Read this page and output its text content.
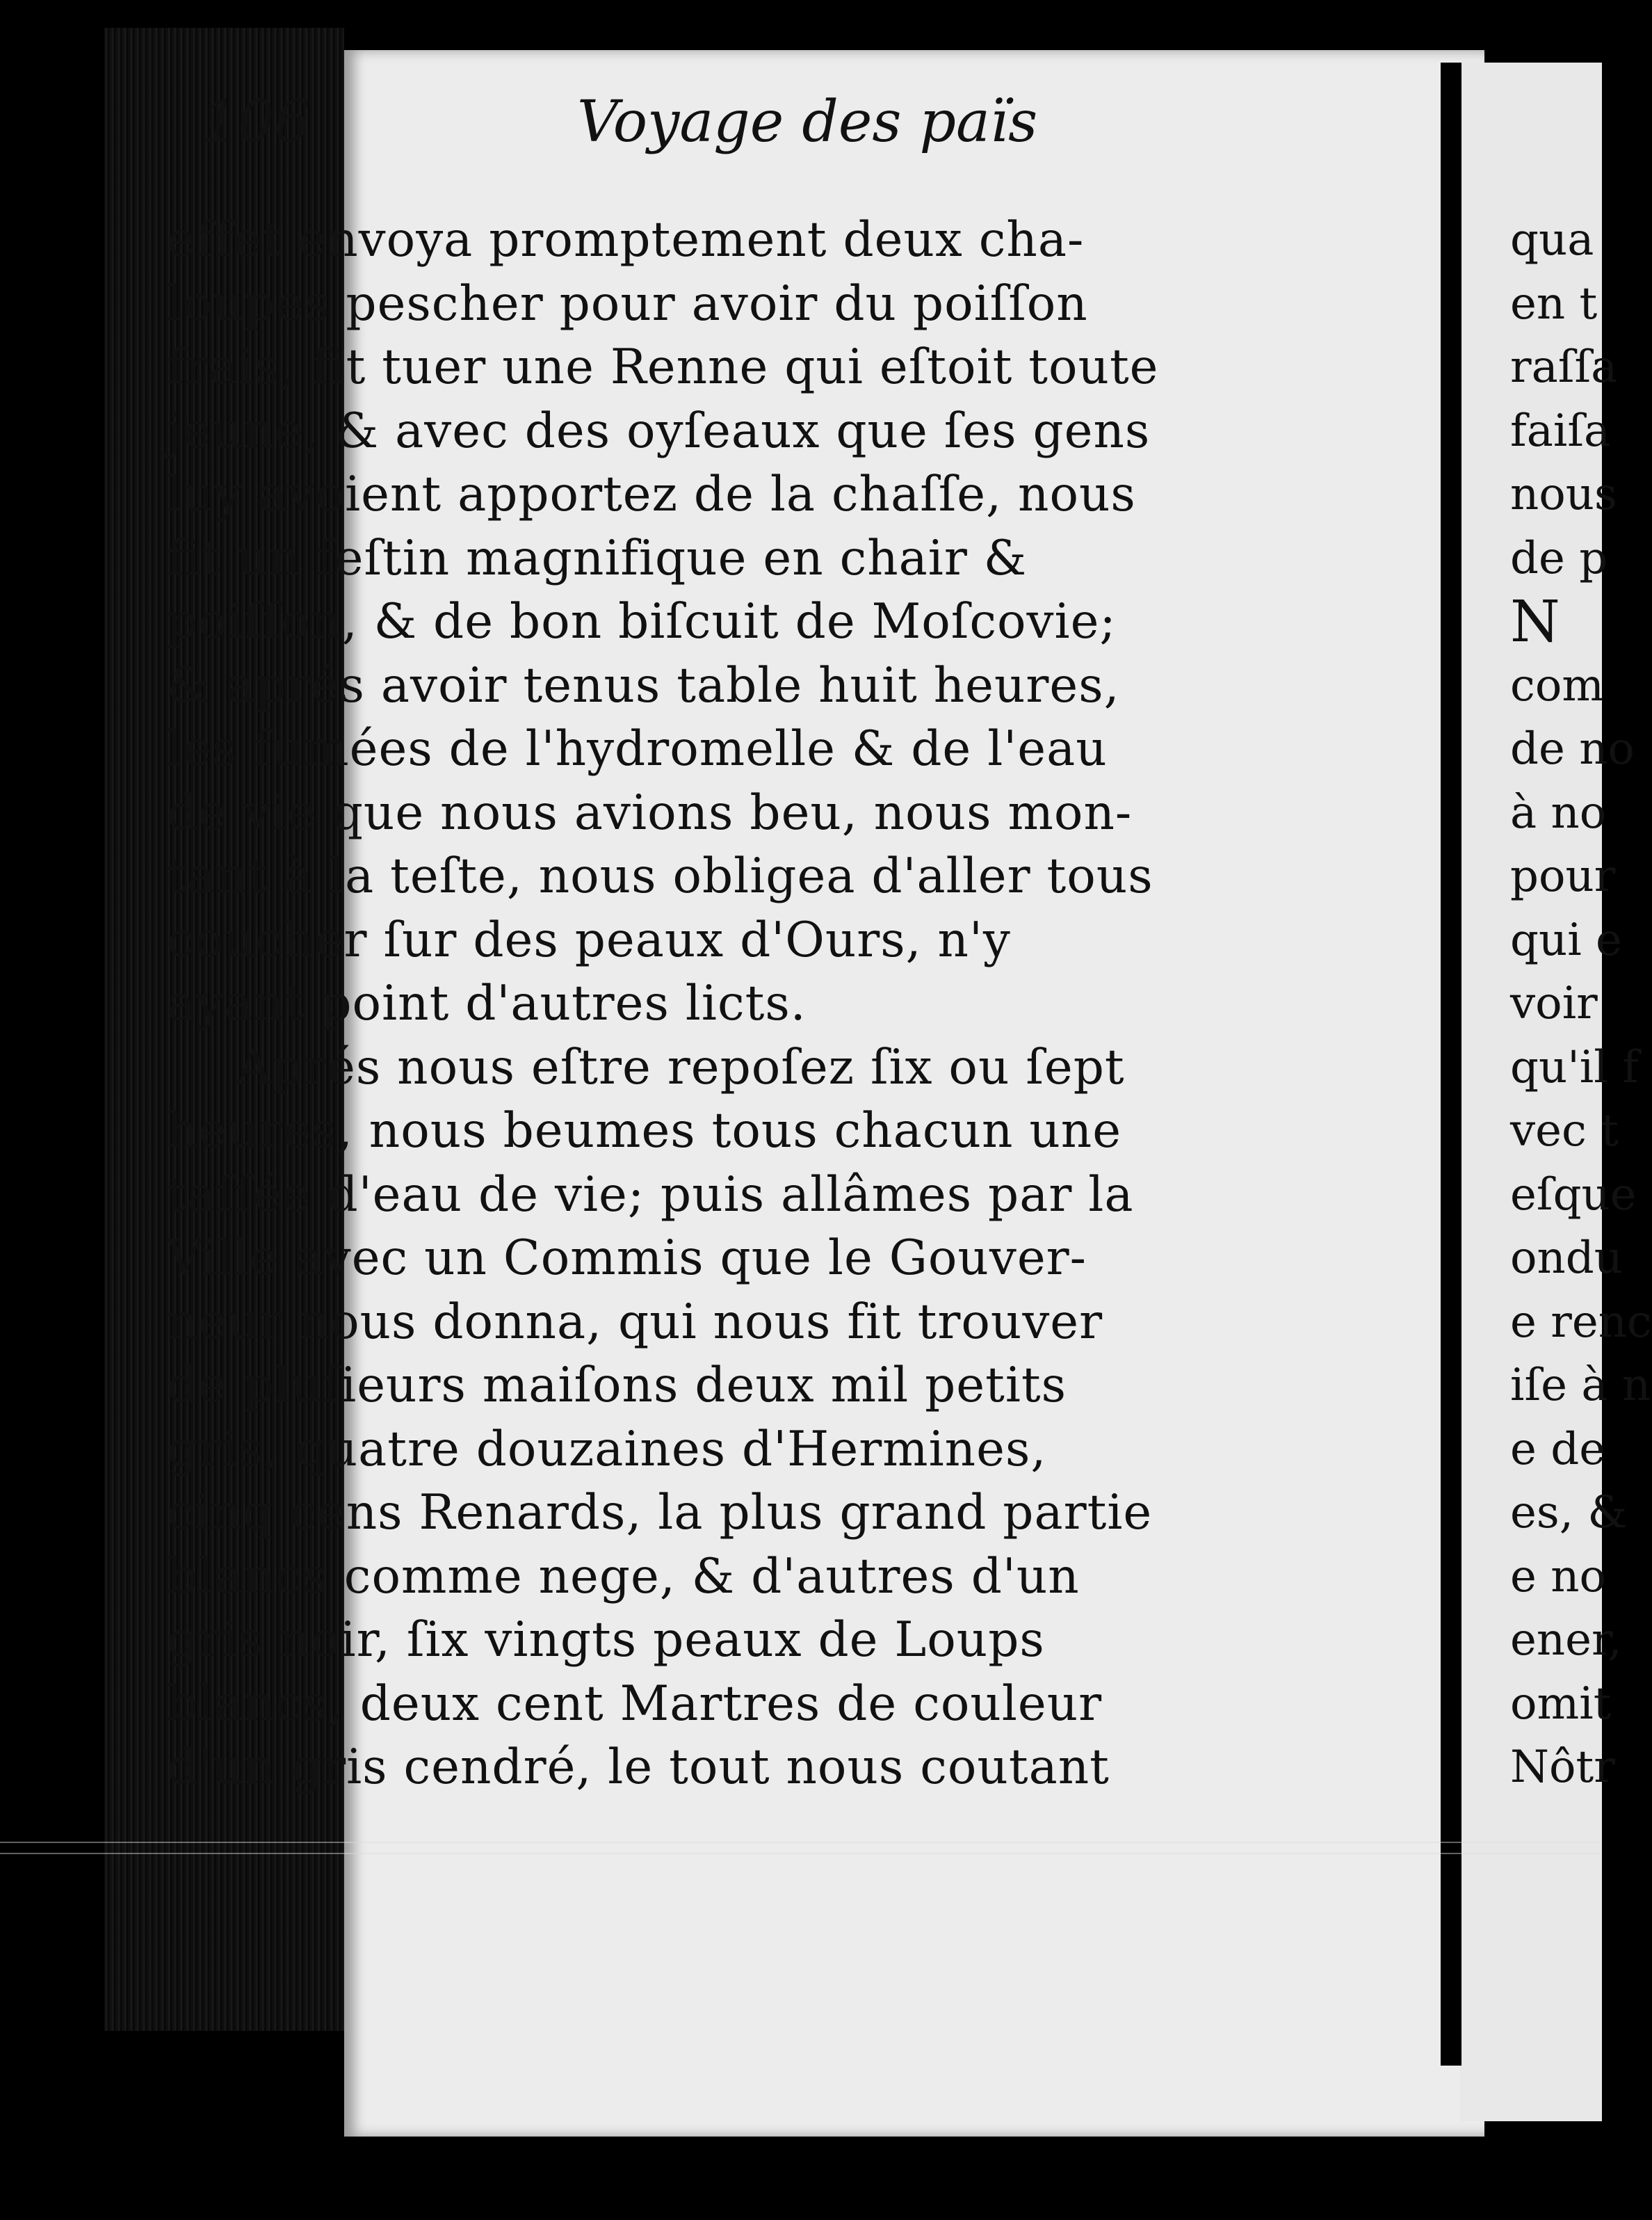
106	Voyage des païs
effet envoya promptement deux cha-
loupes pescher pour avoir du poiſſon
frais, fit tuer une Renne qui eſtoit toute
jeune, & avec des oyſeaux que ſes gens
luy avoient apportez de la chaſſe, nous
fit un feſtin magnifique en chair &
poiſſon, & de bon biſcuit de Moſcovie;
& aprés avoir tenus table huit heures,
les fumées de l'hydromelle & de l'eau
de vie que nous avions beu, nous mon-
tant à la teſte, nous obligea d'aller tous
coucher ſur des peaux d'Ours, n'y
ayant point d'autres licts.
Aprés nous eſtre repoſez ſix ou ſept
heures, nous beumes tous chacun une
taſſée d'eau de vie; puis allâmes par la
Ville avec un Commis que le Gouver-
neur nous donna, qui nous fit trouver
de pluſieurs maiſons deux mil petits
gris, quatre douzaines d'Hermines,
cinq cens Renards, la plus grand partie
blancs comme nege, & d'autres d'un
gris noir, ſix vingts peaux de Loups
blancs, deux cent Martres de couleur
d'un gris cendré, le tout nous coutant
qua
en t
raſſa
faiſa
nous
de p
N
com
de no
à no
pour
qui e
voir
qu'il f
vec t
eſque
ondu
e renc
iſe à n
e de
es, &
e no
ener,
omit
Nôtr
